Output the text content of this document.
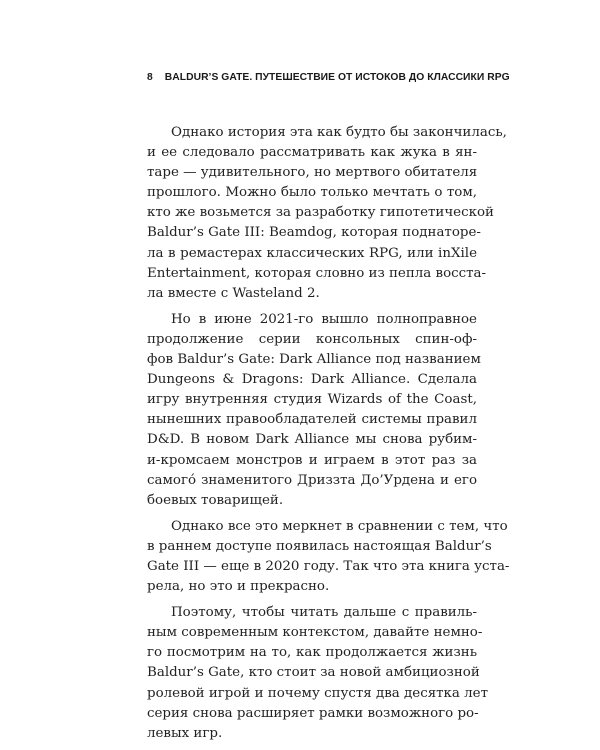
8 BALDUR’S GATE. ПУТЕШЕСТВИЕ ОТ ИСТОКОВ ДО КЛАССИКИ RPG

Однако история эта как будто бы закончилась,
и ее следовало рассматривать как жука в ян-
таре — удивительного, но мертвого обитателя
прошлого. Можно было только мечтать о том,
кто же возьмется за разработку гипотетической
Baldur’s Gate III: Beamdog, которая поднаторе-
ла в ремастерах классических RPG, или inXile
Entertainment, которая словно из пепла восста-
ла вместе с Wasteland 2.

Но в июне 2021-го вышло полноправное
продолжение серии консольных спин-оф-
фов Baldur’s Gate: Dark Alliance под названием
Dungeons & Dragons: Dark Alliance. Сделала
игру внутренняя студия Wizards of the Coast,
нынешних правообладателей системы правил
D&D. В новом Dark Alliance мы снова рубим-
и-кромсаем монстров и играем в этот раз за
самого́ знаменитого Дриззта До’Урдена и его
боевых товарищей.

Однако все это меркнет в сравнении с тем, что
в раннем доступе появилась настоящая Baldur’s
Gate III — еще в 2020 году. Так что эта книга уста-
рела, но это и прекрасно.

Поэтому, чтобы читать дальше с правиль-
ным современным контекстом, давайте немно-
го посмотрим на то, как продолжается жизнь
Baldur’s Gate, кто стоит за новой амбициозной
ролевой игрой и почему спустя два десятка лет
серия снова расширяет рамки возможного ро-
левых игр.
